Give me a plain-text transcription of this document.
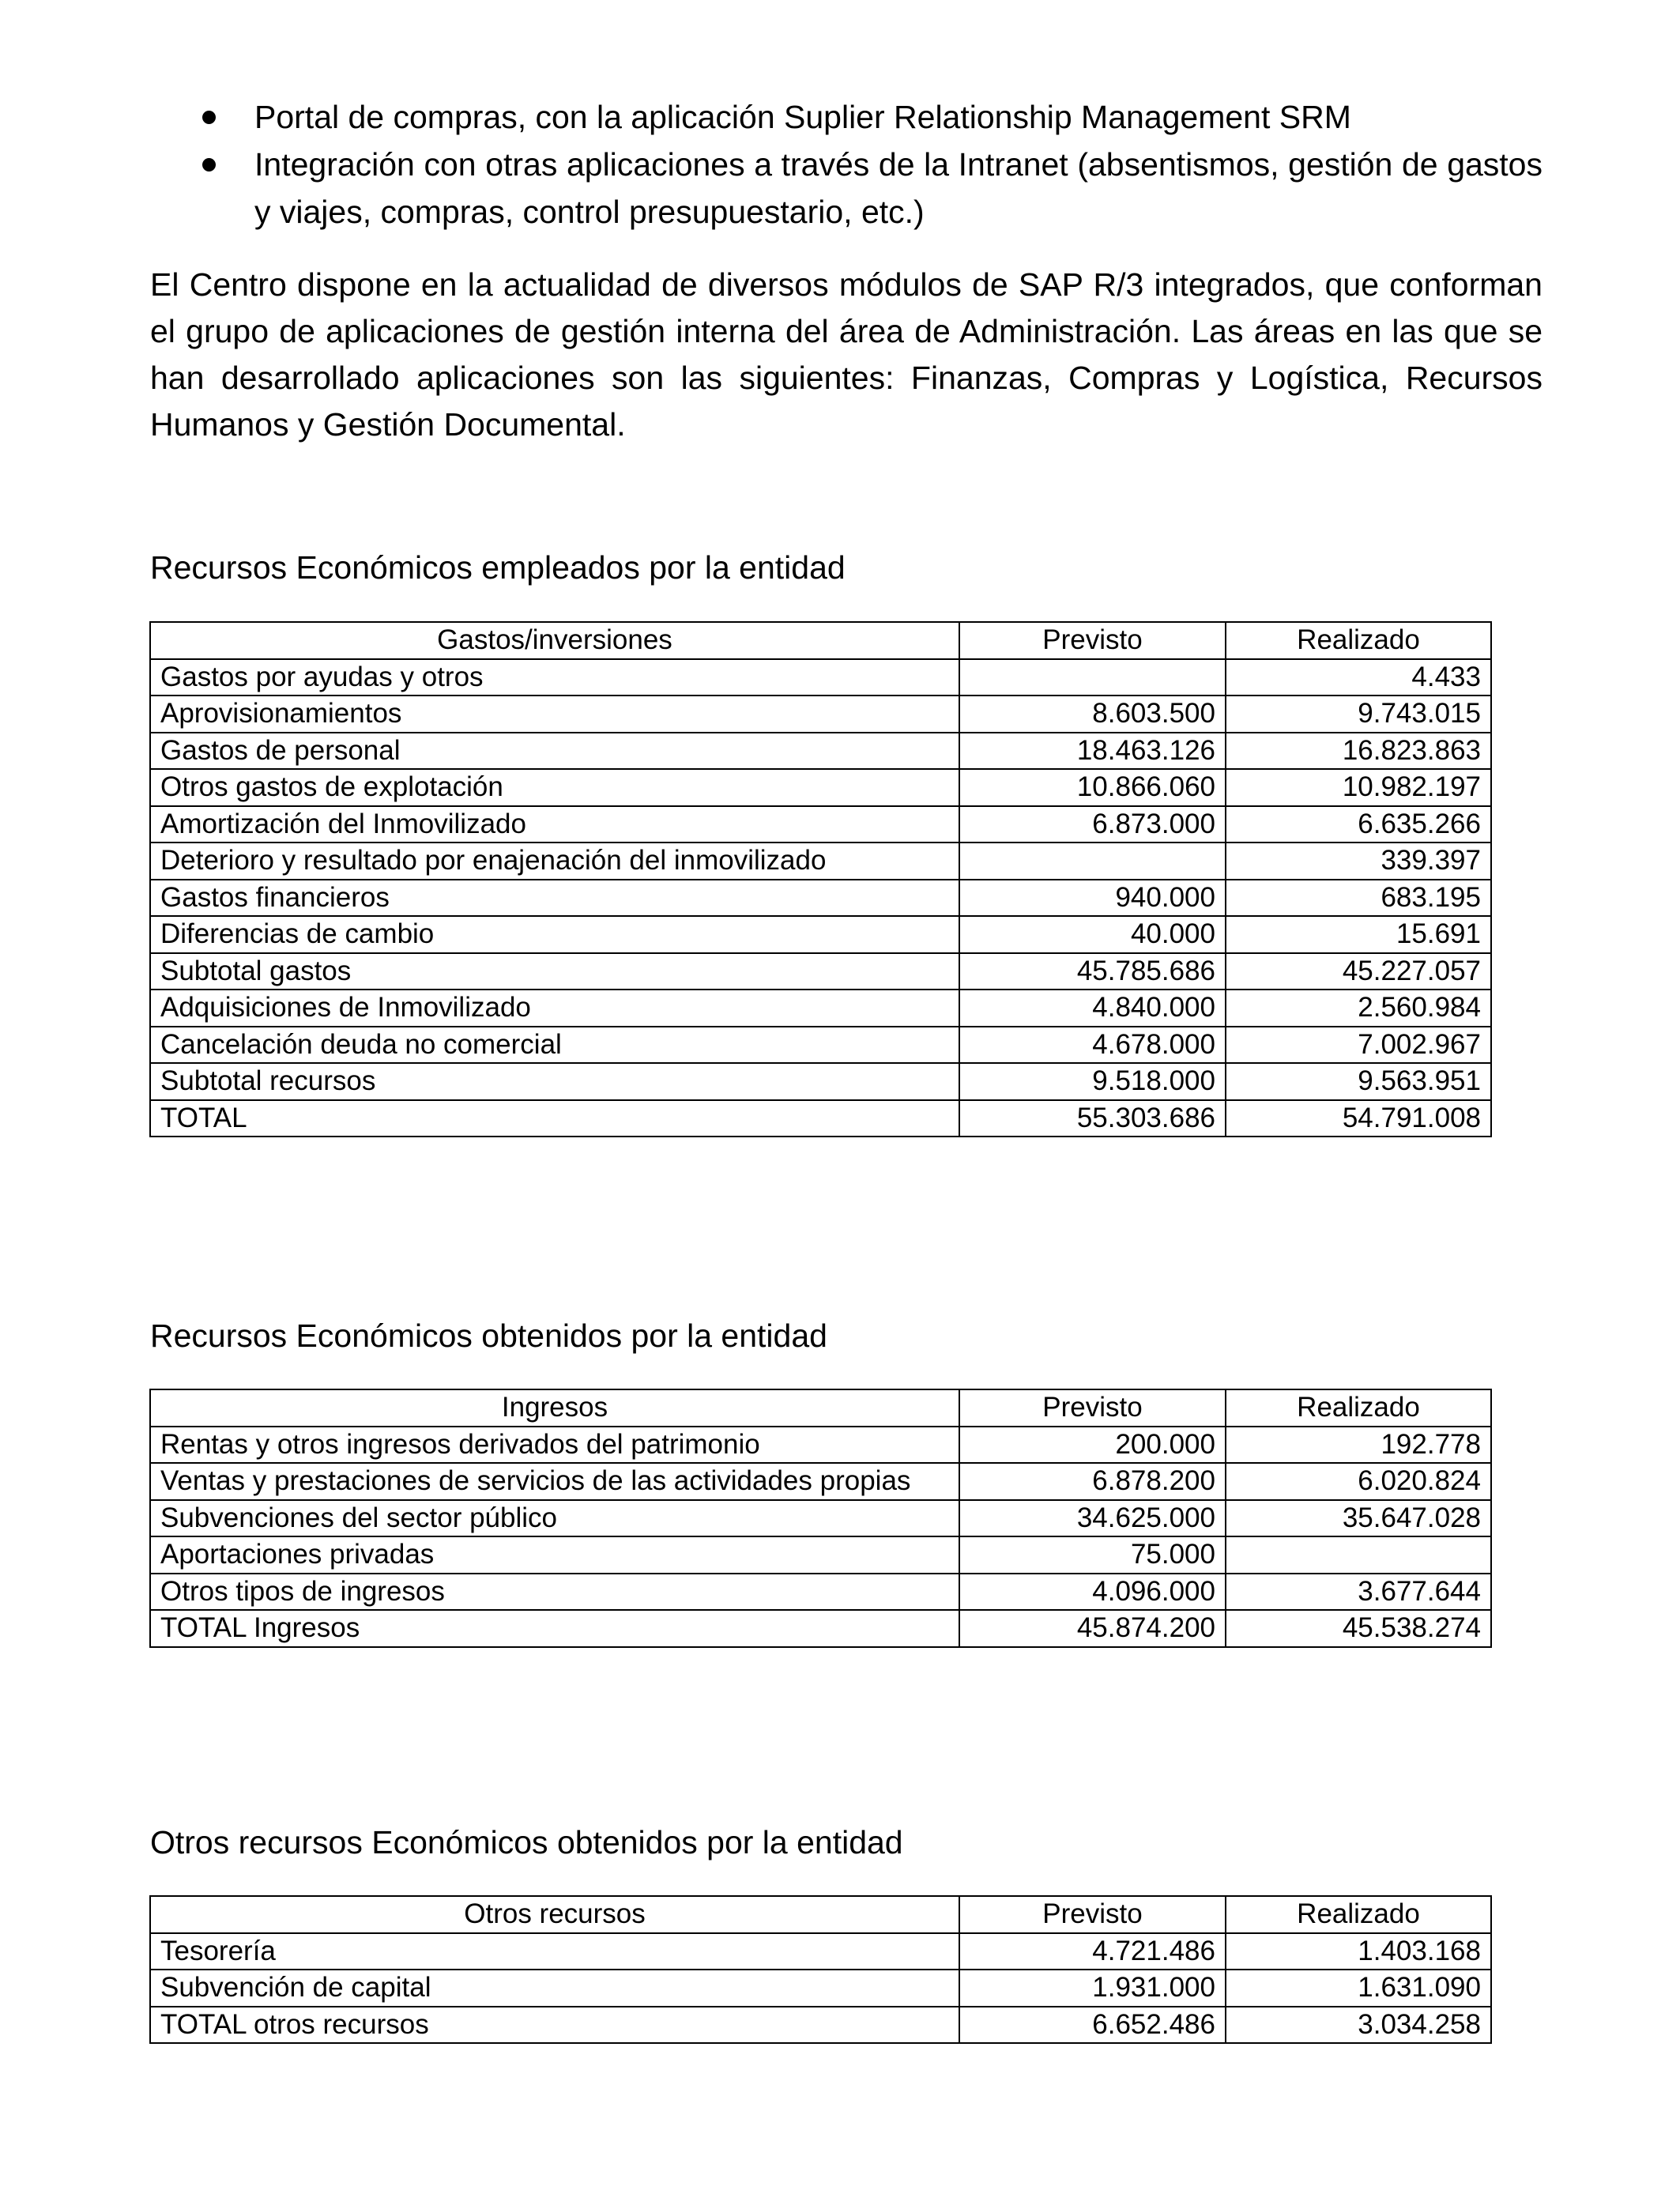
Portal de compras, con la aplicación Suplier Relationship Management SRM
Integración con otras aplicaciones a través de la Intranet (absentismos, gestión de gastos y viajes, compras, control presupuestario, etc.)

El Centro dispone en la actualidad de diversos módulos de SAP R/3 integrados, que conforman el grupo de aplicaciones de gestión interna del área de Administración. Las áreas en las que se han desarrollado aplicaciones son las siguientes: Finanzas, Compras y Logística, Recursos Humanos y Gestión Documental.

Recursos Económicos empleados por la entidad
Gastos/inversiones	Previsto	Realizado
Gastos por ayudas y otros		4.433
Aprovisionamientos	8.603.500	9.743.015
Gastos de personal	18.463.126	16.823.863
Otros gastos de explotación	10.866.060	10.982.197
Amortización del Inmovilizado	6.873.000	6.635.266
Deterioro y resultado por enajenación del inmovilizado		339.397
Gastos financieros	940.000	683.195
Diferencias de cambio	40.000	15.691
Subtotal gastos	45.785.686	45.227.057
Adquisiciones de Inmovilizado	4.840.000	2.560.984
Cancelación deuda no comercial	4.678.000	7.002.967
Subtotal recursos	9.518.000	9.563.951
TOTAL	55.303.686	54.791.008
Recursos Económicos obtenidos por la entidad
Ingresos	Previsto	Realizado
Rentas y otros ingresos derivados del patrimonio	200.000	192.778
Ventas y prestaciones de servicios de las actividades propias	6.878.200	6.020.824
Subvenciones del sector público	34.625.000	35.647.028
Aportaciones privadas	75.000	
Otros tipos de ingresos	4.096.000	3.677.644
TOTAL Ingresos	45.874.200	45.538.274
Otros recursos Económicos obtenidos por la entidad
Otros recursos	Previsto	Realizado
Tesorería	4.721.486	1.403.168
Subvención de capital	1.931.000	1.631.090
TOTAL otros recursos	6.652.486	3.034.258
